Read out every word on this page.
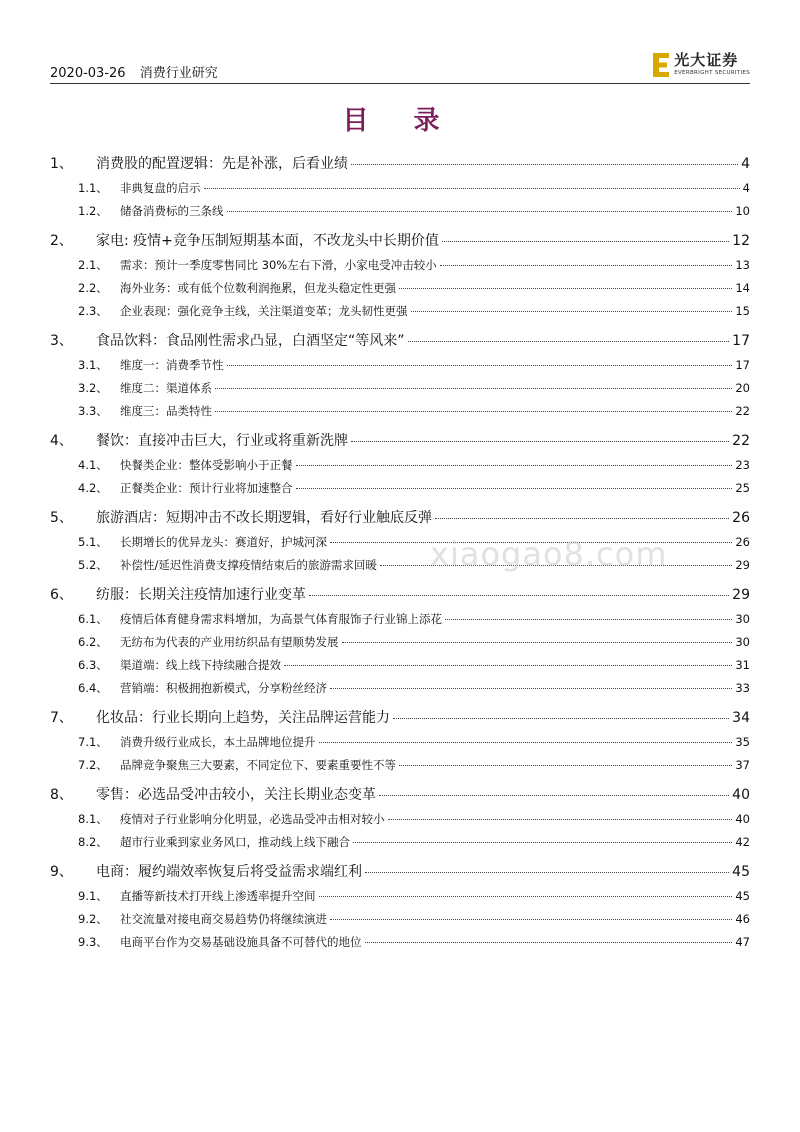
2020-03-26 消费行业研究
光大证券
EVERBRIGHT SECURITIES
目 录
1、	消费股的配置逻辑：先是补涨，后看业绩	4
1.1、	非典复盘的启示	4
1.2、	储备消费标的三条线	10
2、	家电: 疫情+竞争压制短期基本面，不改龙头中长期价值	12
2.1、	需求：预计一季度零售同比 30%左右下滑，小家电受冲击较小	13
2.2、	海外业务：或有低个位数利润拖累，但龙头稳定性更强	14
2.3、	企业表现：强化竞争主线，关注渠道变革；龙头韧性更强	15
3、	食品饮料：食品刚性需求凸显，白酒坚定“等风来”	17
3.1、	维度一：消费季节性	17
3.2、	维度二：渠道体系	20
3.3、	维度三：品类特性	22
4、	餐饮：直接冲击巨大，行业或将重新洗牌	22
4.1、	快餐类企业：整体受影响小于正餐	23
4.2、	正餐类企业：预计行业将加速整合	25
5、	旅游酒店：短期冲击不改长期逻辑，看好行业触底反弹	26
5.1、	长期增长的优异龙头：赛道好，护城河深	26
5.2、	补偿性/延迟性消费支撑疫情结束后的旅游需求回暖	29
6、	纺服：长期关注疫情加速行业变革	29
6.1、	疫情后体育健身需求料增加，为高景气体育服饰子行业锦上添花	30
6.2、	无纺布为代表的产业用纺织品有望顺势发展	30
6.3、	渠道端：线上线下持续融合提效	31
6.4、	营销端：积极拥抱新模式，分享粉丝经济	33
7、	化妆品：行业长期向上趋势，关注品牌运营能力	34
7.1、	消费升级行业成长，本土品牌地位提升	35
7.2、	品牌竞争聚焦三大要素，不同定位下、要素重要性不等	37
8、	零售：必选品受冲击较小，关注长期业态变革	40
8.1、	疫情对子行业影响分化明显，必选品受冲击相对较小	40
8.2、	超市行业乘到家业务风口，推动线上线下融合	42
9、	电商：履约端效率恢复后将受益需求端红利	45
9.1、	直播等新技术打开线上渗透率提升空间	45
9.2、	社交流量对接电商交易趋势仍将继续演进	46
9.3、	电商平台作为交易基础设施具备不可替代的地位	47
xiaogao8.com
